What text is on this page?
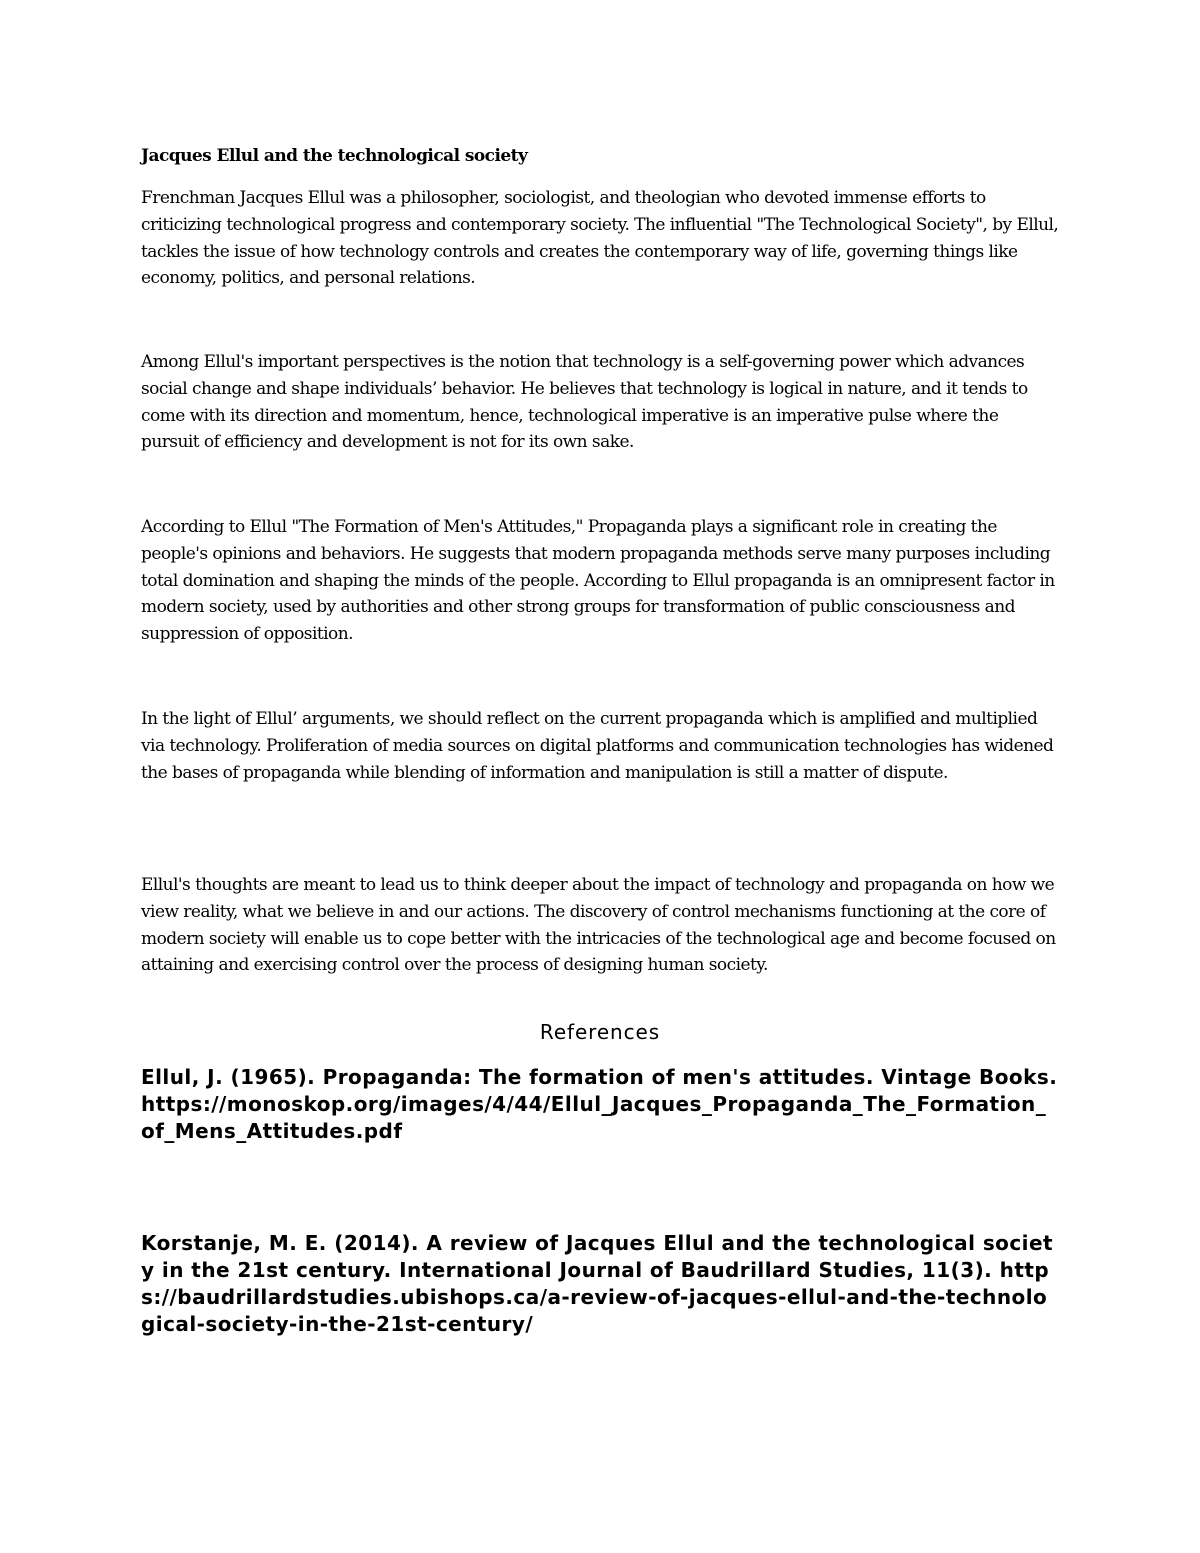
Jacques Ellul and the technological society

Frenchman Jacques Ellul was a philosopher, sociologist, and theologian who devoted immense efforts to criticizing technological progress and contemporary society. The influential "The Technological Society", by Ellul, tackles the issue of how technology controls and creates the contemporary way of life, governing things like economy, politics, and personal relations.

Among Ellul's important perspectives is the notion that technology is a self-governing power which advances social change and shape individuals’ behavior. He believes that technology is logical in nature, and it tends to come with its direction and momentum, hence, technological imperative is an imperative pulse where the pursuit of efficiency and development is not for its own sake.

According to Ellul "The Formation of Men's Attitudes," Propaganda plays a significant role in creating the people's opinions and behaviors. He suggests that modern propaganda methods serve many purposes including total domination and shaping the minds of the people. According to Ellul propaganda is an omnipresent factor in modern society, used by authorities and other strong groups for transformation of public consciousness and suppression of opposition.

In the light of Ellul’ arguments, we should reflect on the current propaganda which is amplified and multiplied via technology. Proliferation of media sources on digital platforms and communication technologies has widened the bases of propaganda while blending of information and manipulation is still a matter of dispute.

Ellul's thoughts are meant to lead us to think deeper about the impact of technology and propaganda on how we view reality, what we believe in and our actions. The discovery of control mechanisms functioning at the core of modern society will enable us to cope better with the intricacies of the technological age and become focused on attaining and exercising control over the process of designing human society.

References

Ellul, J. (1965). Propaganda: The formation of men's attitudes. Vintage Books. https://monoskop.org/images/4/44/Ellul_Jacques_Propaganda_The_Formation_of_Mens_Attitudes.pdf

Korstanje, M. E. (2014). A review of Jacques Ellul and the technological society in the 21st century. International Journal of Baudrillard Studies, 11(3). https://baudrillardstudies.ubishops.ca/a-review-of-jacques-ellul-and-the-technological-society-in-the-21st-century/
